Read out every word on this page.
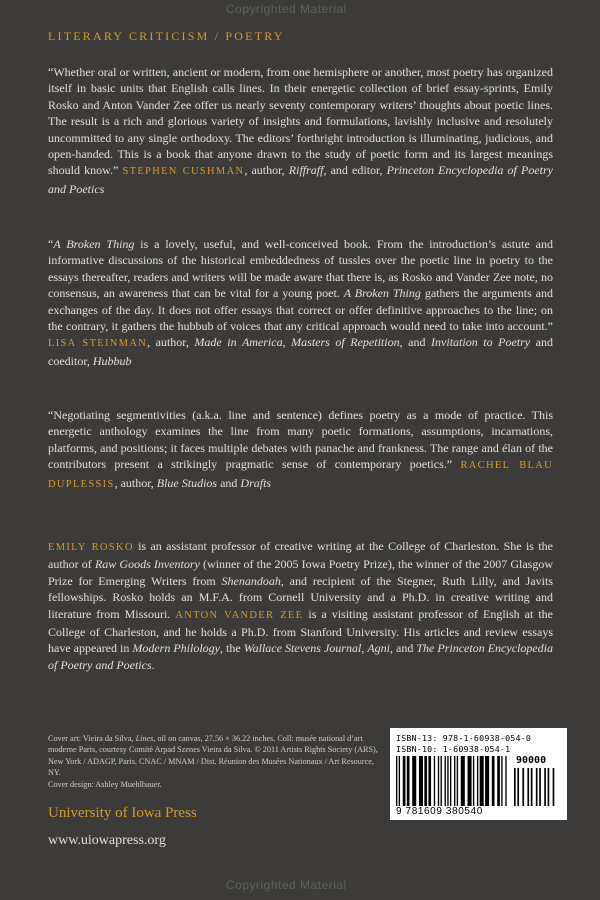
Copyrighted Material
LITERARY CRITICISM / POETRY
“Whether oral or written, ancient or modern, from one hemisphere or another, most poetry has organized itself in basic units that English calls lines. In their energetic collection of brief essay-sprints, Emily Rosko and Anton Vander Zee offer us nearly seventy contemporary writers’ thoughts about poetic lines. The result is a rich and glorious variety of insights and formulations, lavishly inclusive and resolutely uncommitted to any single orthodoxy. The editors’ forthright introduction is illuminating, judicious, and open-handed. This is a book that anyone drawn to the study of poetic form and its largest meanings should know.” STEPHEN CUSHMAN, author, Riffraff, and editor, Princeton Encyclopedia of Poetry and Poetics
“A Broken Thing is a lovely, useful, and well-conceived book. From the introduction’s astute and informative discussions of the historical embeddedness of tussles over the poetic line in poetry to the essays thereafter, readers and writers will be made aware that there is, as Rosko and Vander Zee note, no consensus, an awareness that can be vital for a young poet. A Broken Thing gathers the arguments and exchanges of the day. It does not offer essays that correct or offer definitive approaches to the line; on the contrary, it gathers the hubbub of voices that any critical approach would need to take into account.” LISA STEINMAN, author, Made in America, Masters of Repetition, and Invitation to Poetry and coeditor, Hubbub
“Negotiating segmentivities (a.k.a. line and sentence) defines poetry as a mode of practice. This energetic anthology examines the line from many poetic formations, assumptions, incarnations, platforms, and positions; it faces multiple debates with panache and frankness. The range and élan of the contributors present a strikingly pragmatic sense of contemporary poetics.” RACHEL BLAU DUPLESSIS, author, Blue Studios and Drafts
EMILY ROSKO is an assistant professor of creative writing at the College of Charleston. She is the author of Raw Goods Inventory (winner of the 2005 Iowa Poetry Prize), the winner of the 2007 Glasgow Prize for Emerging Writers from Shenandoah, and recipient of the Stegner, Ruth Lilly, and Javits fellowships. Rosko holds an M.F.A. from Cornell University and a Ph.D. in creative writing and literature from Missouri. ANTON VANDER ZEE is a visiting assistant professor of English at the College of Charleston, and he holds a Ph.D. from Stanford University. His articles and review essays have appeared in Modern Philology, the Wallace Stevens Journal, Agni, and The Princeton Encyclopedia of Poetry and Poetics.

Cover art: Vieira da Silva, Lines, oil on canvas, 27.56 × 36.22 inches. Coll: musée national d’art moderne Paris, courtesy Comité Arpad Szenes Vieira da Silva. © 2011 Artists Rights Society (ARS), New York / ADAGP, Paris. CNAC / MNAM / Dist. Réunion des Musées Nationaux / Art Resource, NY.

Cover design: Ashley Muehlbauer.

University of Iowa Press
www.uiowapress.org
ISBN-13: 978-1-60938-054-0
ISBN-10: 1-60938-054-1
90000
9 781609 380540
Copyrighted Material
